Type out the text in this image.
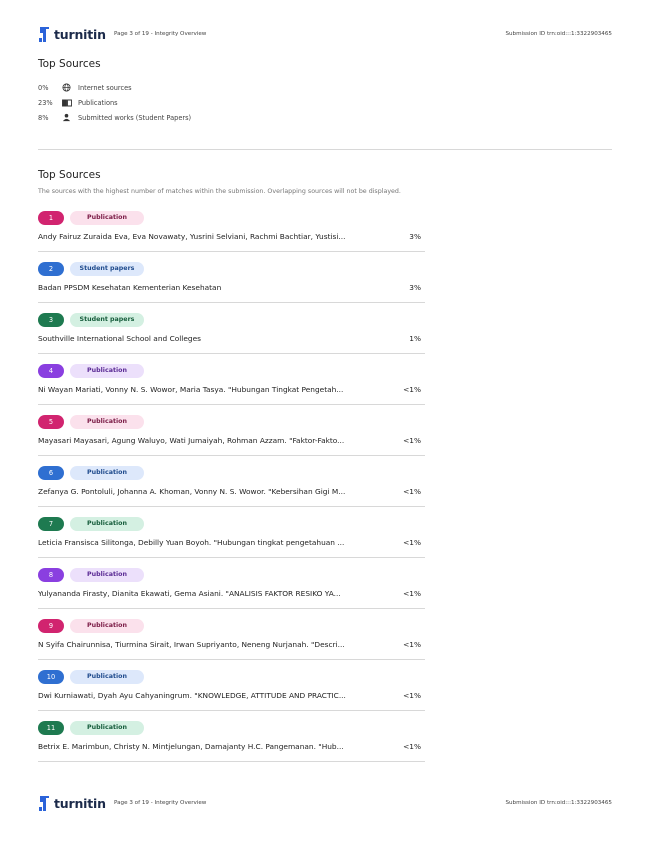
turnitin Page 3 of 19 - Integrity Overview	Submission ID trn:oid:::1:3322903465
Top Sources
0%	Internet sources
23%	Publications
8%	Submitted works (Student Papers)
Top Sources
The sources with the highest number of matches within the submission. Overlapping sources will not be displayed.
1	Publication
Andy Fairuz Zuraida Eva, Eva Novawaty, Yusrini Selviani, Rachmi Bachtiar, Yustisi...	3%
2	Student papers
Badan PPSDM Kesehatan Kementerian Kesehatan	3%
3	Student papers
Southville International School and Colleges	1%
4	Publication
Ni Wayan Mariati, Vonny N. S. Wowor, Maria Tasya. "Hubungan Tingkat Pengetah...	<1%
5	Publication
Mayasari Mayasari, Agung Waluyo, Wati Jumaiyah, Rohman Azzam. "Faktor-Fakto...	<1%
6	Publication
Zefanya G. Pontoluli, Johanna A. Khoman, Vonny N. S. Wowor. "Kebersihan Gigi M...	<1%
7	Publication
Leticia Fransisca Silitonga, Debilly Yuan Boyoh. "Hubungan tingkat pengetahuan ...	<1%
8	Publication
Yulyananda Firasty, Dianita Ekawati, Gema Asiani. "ANALISIS FAKTOR RESIKO YA...	<1%
9	Publication
N Syifa Chairunnisa, Tiurmina Sirait, Irwan Supriyanto, Neneng Nurjanah. "Descri...	<1%
10	Publication
Dwi Kurniawati, Dyah Ayu Cahyaningrum. "KNOWLEDGE, ATTITUDE AND PRACTIC...	<1%
11	Publication
Betrix E. Marimbun, Christy N. Mintjelungan, Damajanty H.C. Pangemanan. "Hub...	<1%
turnitin Page 3 of 19 - Integrity Overview	Submission ID trn:oid:::1:3322903465
